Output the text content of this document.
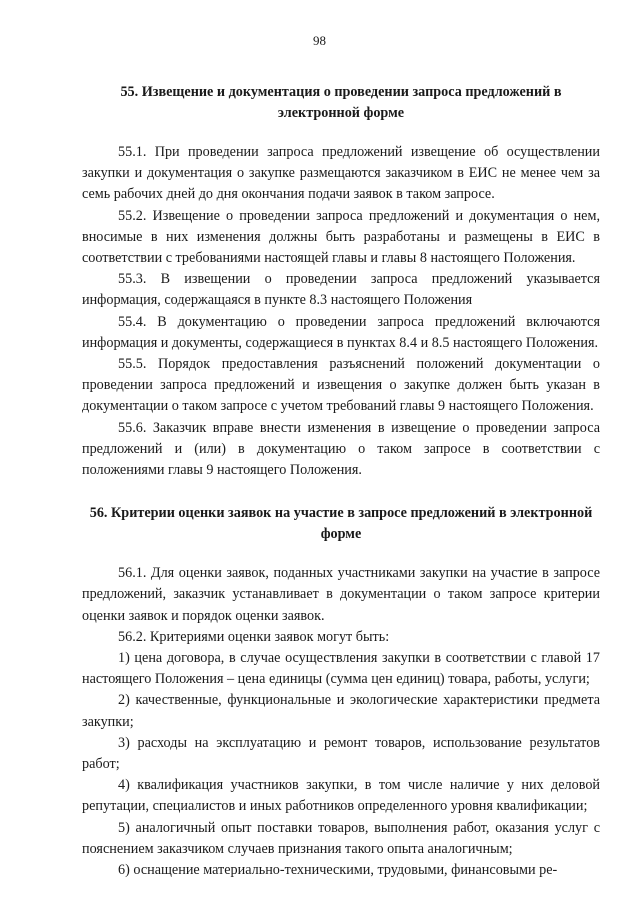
98
55. Извещение и документация о проведении запроса предложений в электронной форме

55.1. При проведении запроса предложений извещение об осуществлении закупки и документация о закупке размещаются заказчиком в ЕИС не менее чем за семь рабочих дней до дня окончания подачи заявок в таком запросе.

55.2. Извещение о проведении запроса предложений и документация о нем, вносимые в них изменения должны быть разработаны и размещены в ЕИС в соответствии с требованиями настоящей главы и главы 8 настоящего Положения.

55.3. В извещении о проведении запроса предложений указывается информация, содержащаяся в пункте 8.3 настоящего Положения

55.4. В документацию о проведении запроса предложений включаются информация и документы, содержащиеся в пунктах 8.4 и 8.5 настоящего Положения.

55.5. Порядок предоставления разъяснений положений документации о проведении запроса предложений и извещения о закупке должен быть указан в документации о таком запросе с учетом требований главы 9 настоящего Положения.

55.6. Заказчик вправе внести изменения в извещение о проведении запроса предложений и (или) в документацию о таком запросе в соответствии с положениями главы 9 настоящего Положения.

56. Критерии оценки заявок на участие в запросе предложений в электронной форме

56.1. Для оценки заявок, поданных участниками закупки на участие в запросе предложений, заказчик устанавливает в документации о таком запросе критерии оценки заявок и порядок оценки заявок.

56.2. Критериями оценки заявок могут быть:

1) цена договора, в случае осуществления закупки в соответствии с главой 17 настоящего Положения – цена единицы (сумма цен единиц) товара, работы, услуги;

2) качественные, функциональные и экологические характеристики предмета закупки;

3) расходы на эксплуатацию и ремонт товаров, использование результатов работ;

4) квалификация участников закупки, в том числе наличие у них деловой репутации, специалистов и иных работников определенного уровня квалификации;

5) аналогичный опыт поставки товаров, выполнения работ, оказания услуг с пояснением заказчиком случаев признания такого опыта аналогичным;

6) оснащение материально-техническими, трудовыми, финансовыми ре-
